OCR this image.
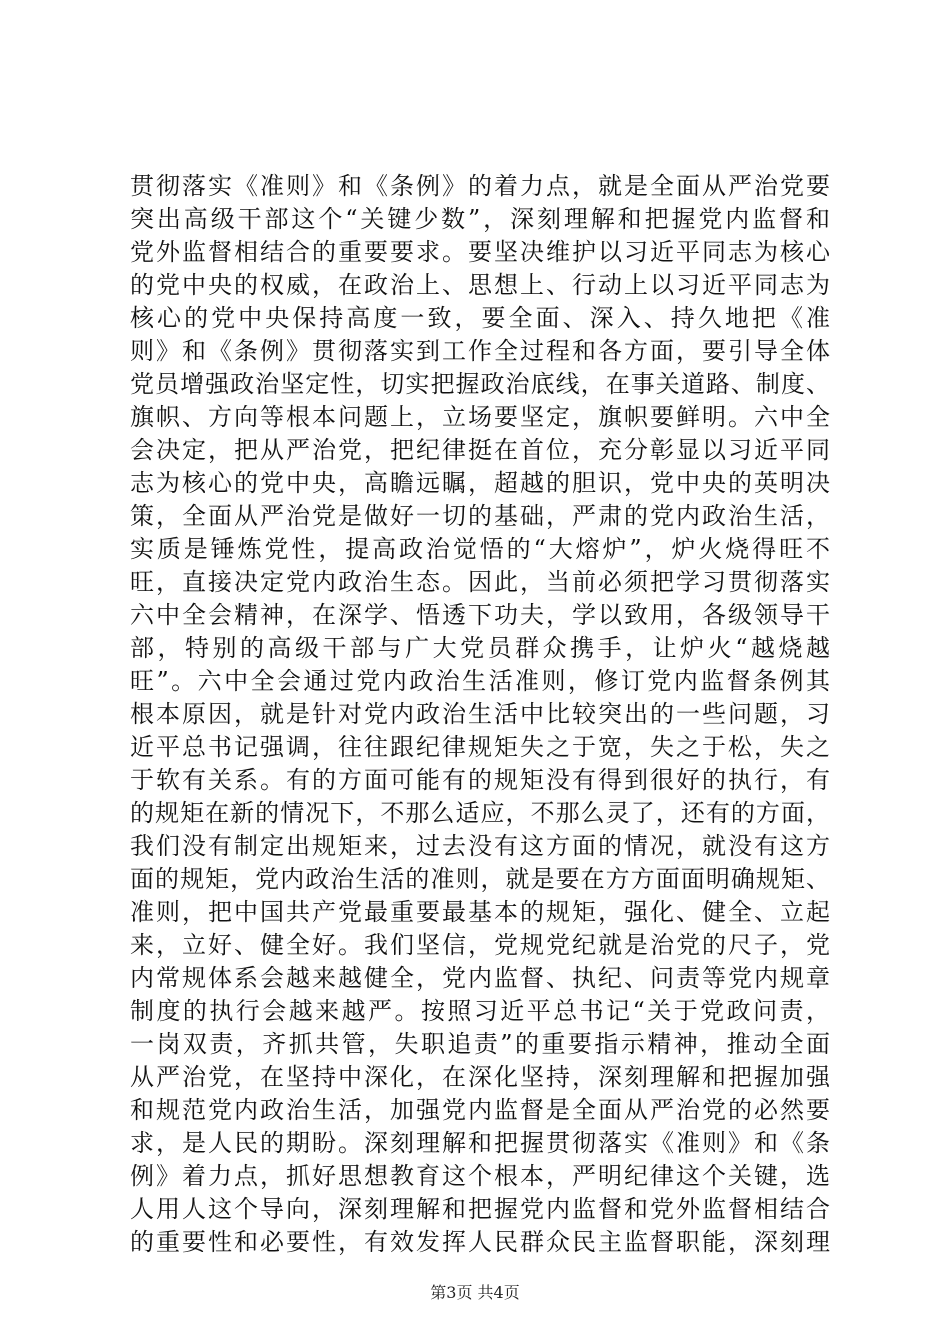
贯彻落实《准则》和《条例》的着力点，就是全面从严治党要
突出高级干部这个“关键少数”，深刻理解和把握党内监督和
党外监督相结合的重要要求。要坚决维护以习近平同志为核心
的党中央的权威，在政治上、思想上、行动上以习近平同志为
核心的党中央保持高度一致，要全面、深入、持久地把《准
则》和《条例》贯彻落实到工作全过程和各方面，要引导全体
党员增强政治坚定性，切实把握政治底线，在事关道路、制度、
旗帜、方向等根本问题上，立场要坚定，旗帜要鲜明。六中全
会决定，把从严治党，把纪律挺在首位，充分彰显以习近平同
志为核心的党中央，高瞻远瞩，超越的胆识，党中央的英明决
策，全面从严治党是做好一切的基础，严肃的党内政治生活，
实质是锤炼党性，提高政治觉悟的“大熔炉”，炉火烧得旺不
旺，直接决定党内政治生态。因此，当前必须把学习贯彻落实
六中全会精神，在深学、悟透下功夫，学以致用，各级领导干
部，特别的高级干部与广大党员群众携手，让炉火“越烧越
旺”。六中全会通过党内政治生活准则，修订党内监督条例其
根本原因，就是针对党内政治生活中比较突出的一些问题，习
近平总书记强调，往往跟纪律规矩失之于宽，失之于松，失之
于软有关系。有的方面可能有的规矩没有得到很好的执行，有
的规矩在新的情况下，不那么适应，不那么灵了，还有的方面，
我们没有制定出规矩来，过去没有这方面的情况，就没有这方
面的规矩，党内政治生活的准则，就是要在方方面面明确规矩、
准则，把中国共产党最重要最基本的规矩，强化、健全、立起
来，立好、健全好。我们坚信，党规党纪就是治党的尺子，党
内常规体系会越来越健全，党内监督、执纪、问责等党内规章
制度的执行会越来越严。按照习近平总书记“关于党政问责，
一岗双责，齐抓共管，失职追责”的重要指示精神，推动全面
从严治党，在坚持中深化，在深化坚持，深刻理解和把握加强
和规范党内政治生活，加强党内监督是全面从严治党的必然要
求，是人民的期盼。深刻理解和把握贯彻落实《准则》和《条
例》着力点，抓好思想教育这个根本，严明纪律这个关键，选
人用人这个导向，深刻理解和把握党内监督和党外监督相结合
的重要性和必要性，有效发挥人民群众民主监督职能，深刻理
第3页 共4页
